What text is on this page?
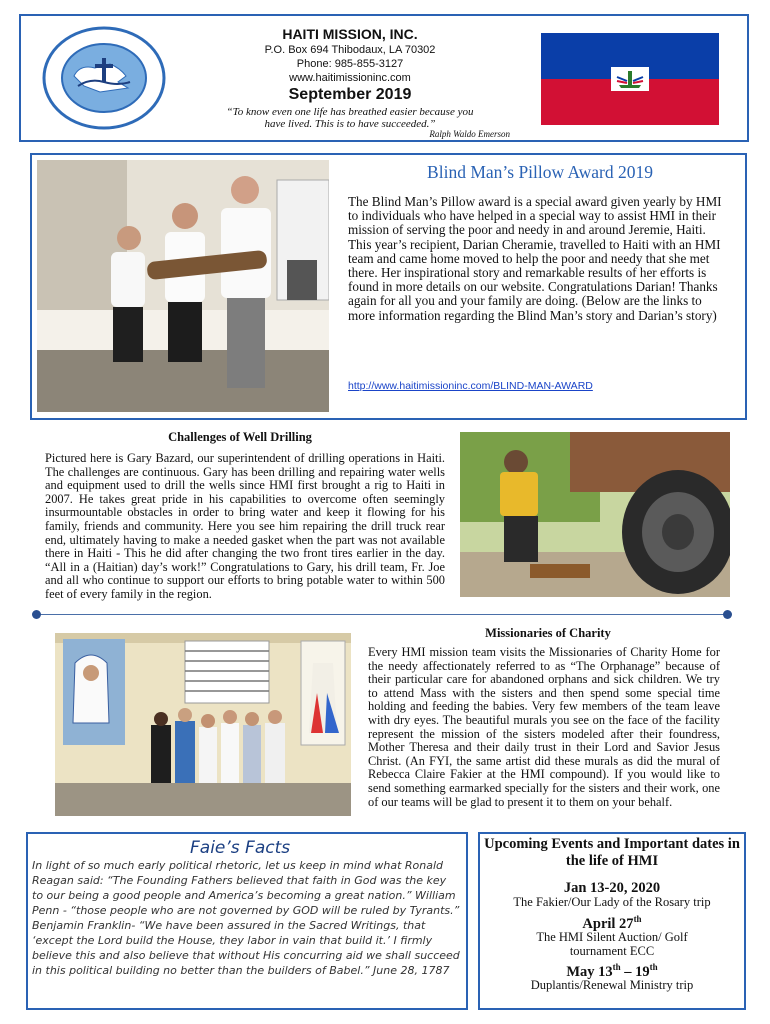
HAITI MISSION, INC.
P.O. Box 694 Thibodaux, LA 70302
Phone: 985-855-3127
www.haitimissioninc.com
September 2019
“To know even one life has breathed easier because you
have lived. This is to have succeeded.”
Ralph Waldo Emerson
Blind Man’s Pillow Award 2019

The Blind Man’s Pillow award is a special award given yearly by HMI to individuals who have helped in a special way to assist HMI in their mission of serving the poor and needy in and around Jeremie, Haiti. This year’s recipient, Darian Cheramie, travelled to Haiti with an HMI team and came home moved to help the poor and needy that she met there. Her inspirational story and remarkable results of her efforts is found in more details on our website. Congratulations Darian! Thanks again for all you and your family are doing. (Below are the links to more information regarding the Blind Man’s story and Darian’s story)

http://www.haitimissioninc.com/BLIND-MAN-AWARD
Challenges of Well Drilling

Pictured here is Gary Bazard, our superintendent of drilling operations in Haiti. The challenges are continuous. Gary has been drilling and repairing water wells and equipment used to drill the wells since HMI first brought a rig to Haiti in 2007. He takes great pride in his capabilities to overcome often seemingly insurmountable obstacles in order to bring water and keep it flowing for his family, friends and community. Here you see him repairing the drill truck rear end, ultimately having to make a needed gasket when the part was not available there in Haiti - This he did after changing the two front tires earlier in the day. “All in a (Haitian) day’s work!” Congratulations to Gary, his drill team, Fr. Joe and all who continue to support our efforts to bring potable water to within 500 feet of every family in the region.

Missionaries of Charity

Every HMI mission team visits the Missionaries of Charity Home for the needy affectionately referred to as “The Orphanage” because of their particular care for abandoned orphans and sick children. We try to attend Mass with the sisters and then spend some special time holding and feeding the babies. Very few members of the team leave with dry eyes. The beautiful murals you see on the face of the facility represent the mission of the sisters modeled after their foundress, Mother Theresa and their daily trust in their Lord and Savior Jesus Christ. (An FYI, the same artist did these murals as did the mural of Rebecca Claire Fakier at the HMI compound). If you would like to send something earmarked specially for the sisters and their work, one of our teams will be glad to present it to them on your behalf.

Faie’s Facts

In light of so much early political rhetoric, let us keep in mind what Ronald Reagan said: “The Founding Fathers believed that faith in God was the key to our being a good people and America’s becoming a great nation.” William Penn - “those people who are not governed by GOD will be ruled by Tyrants.” Benjamin Franklin- “We have been assured in the Sacred Writings, that ‘except the Lord build the House, they labor in vain that build it.’ I firmly believe this and also believe that without His concurring aid we shall succeed in this political building no better than the builders of Babel.” June 28, 1787

Upcoming Events and Important dates in the life of HMI
Jan 13-20, 2020
The Fakier/Our Lady of the Rosary trip
April 27th
The HMI Silent Auction/ Golf tournament ECC
May 13th – 19th
Duplantis/Renewal Ministry trip
